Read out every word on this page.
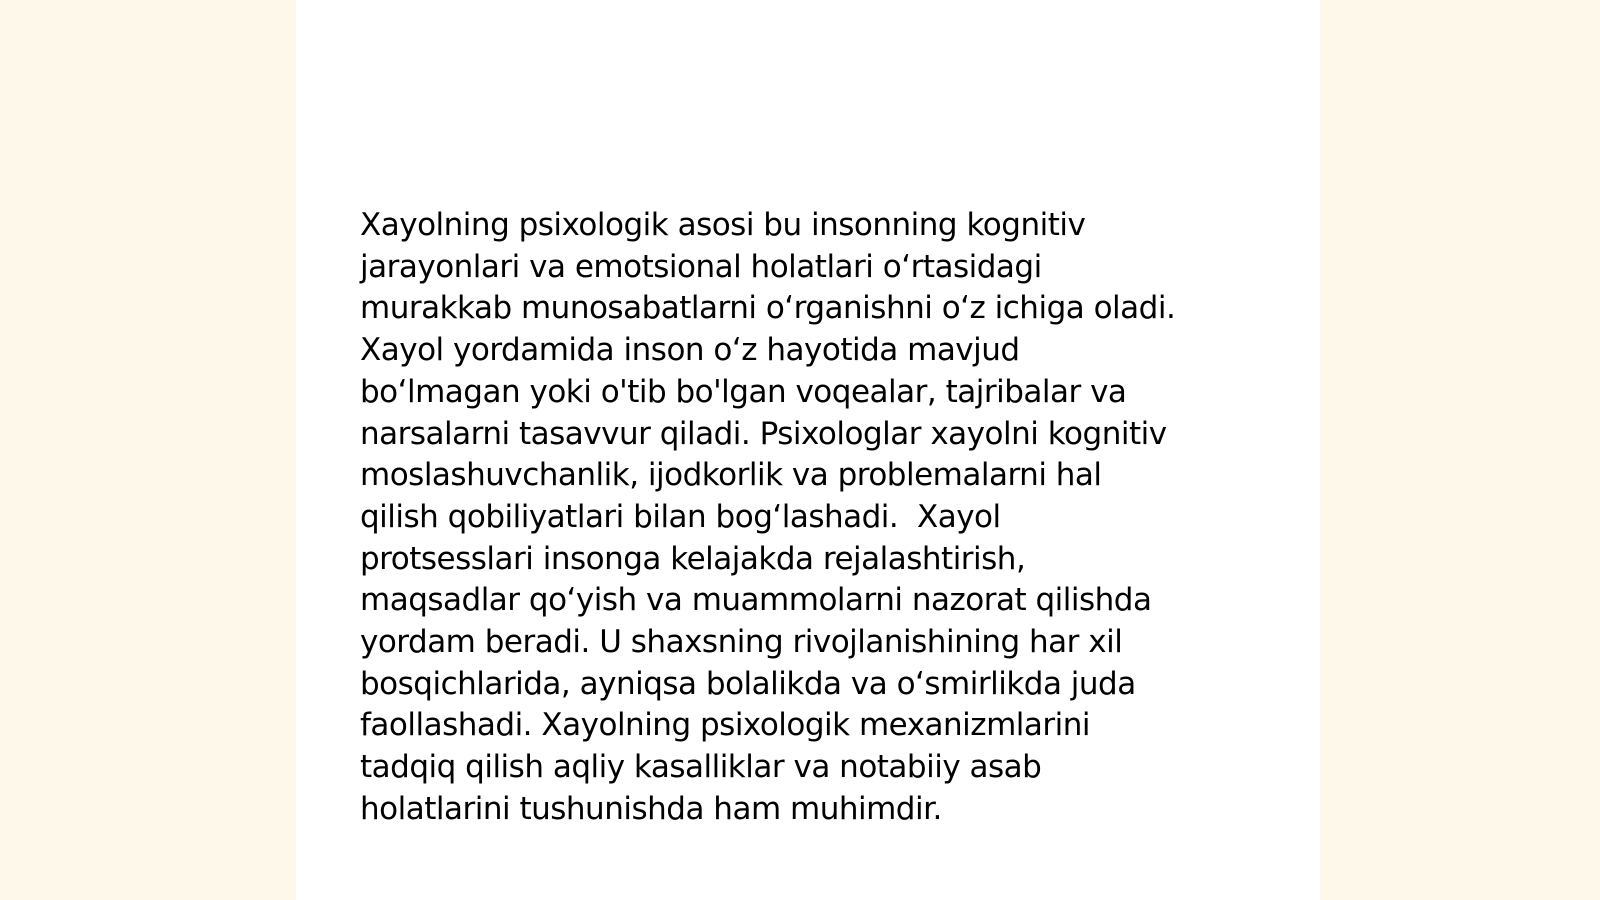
Xayolning psixologik asosi bu insonning kognitiv
jarayonlari va emotsional holatlari o‘rtasidagi
murakkab munosabatlarni o‘rganishni o‘z ichiga oladi.
Xayol yordamida inson o‘z hayotida mavjud
bo‘lmagan yoki o'tib bo'lgan voqealar, tajribalar va
narsalarni tasavvur qiladi. Psixologlar xayolni kognitiv
moslashuvchanlik, ijodkorlik va problemalarni hal
qilish qobiliyatlari bilan bog‘lashadi.  Xayol
protsesslari insonga kelajakda rejalashtirish,
maqsadlar qo‘yish va muammolarni nazorat qilishda
yordam beradi. U shaxsning rivojlanishining har xil
bosqichlarida, ayniqsa bolalikda va o‘smirlikda juda
faollashadi. Xayolning psixologik mexanizmlarini
tadqiq qilish aqliy kasalliklar va notabiiy asab
holatlarini tushunishda ham muhimdir.
